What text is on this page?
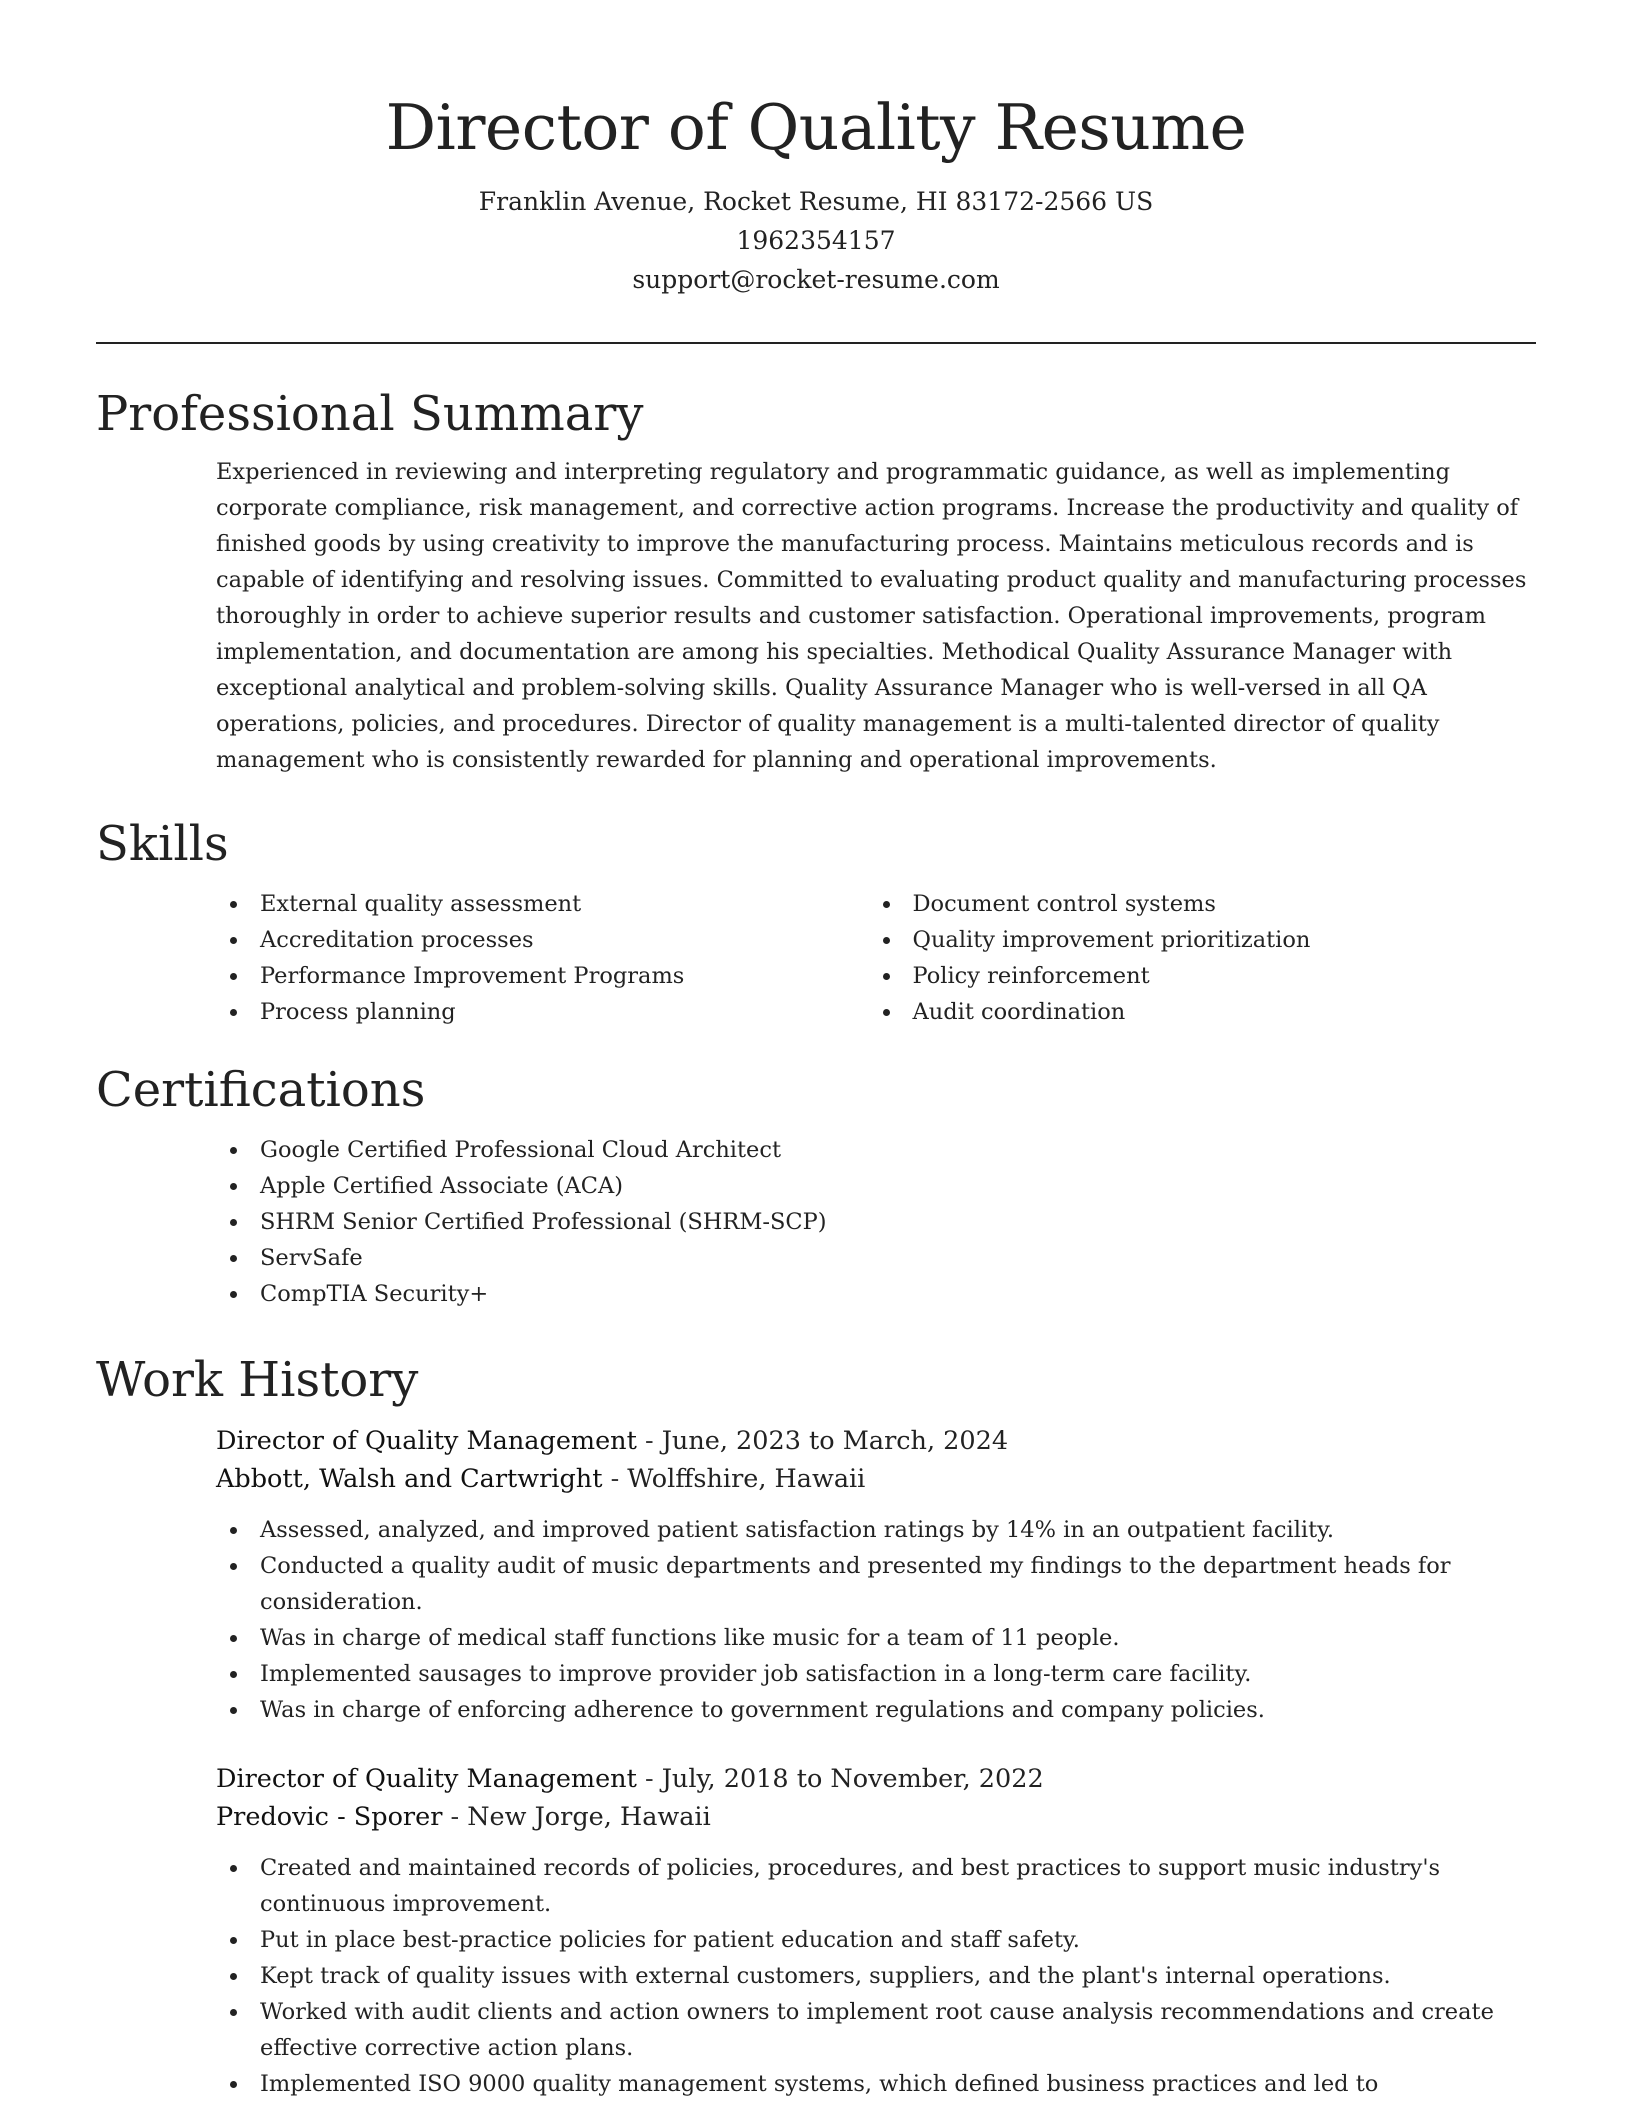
Director of Quality Resume
Franklin Avenue, Rocket Resume, HI 83172-2566 US
1962354157
support@rocket-resume.com
Professional Summary

Experienced in reviewing and interpreting regulatory and programmatic guidance, as well as implementing corporate compliance, risk management, and corrective action programs. Increase the productivity and quality of finished goods by using creativity to improve the manufacturing process. Maintains meticulous records and is capable of identifying and resolving issues. Committed to evaluating product quality and manufacturing processes thoroughly in order to achieve superior results and customer satisfaction. Operational improvements, program implementation, and documentation are among his specialties. Methodical Quality Assurance Manager with exceptional analytical and problem-solving skills. Quality Assurance Manager who is well-versed in all QA operations, policies, and procedures. Director of quality management is a multi-talented director of quality management who is consistently rewarded for planning and operational improvements.

Skills
External quality assessment
Accreditation processes
Performance Improvement Programs
Process planning
Document control systems
Quality improvement prioritization
Policy reinforcement
Audit coordination
Certifications
Google Certified Professional Cloud Architect
Apple Certified Associate (ACA)
SHRM Senior Certified Professional (SHRM-SCP)
ServSafe
CompTIA Security+
Work History
Director of Quality Management - June, 2023 to March, 2024
Abbott, Walsh and Cartwright - Wolffshire, Hawaii
Assessed, analyzed, and improved patient satisfaction ratings by 14% in an outpatient facility.
Conducted a quality audit of music departments and presented my findings to the department heads for consideration.
Was in charge of medical staff functions like music for a team of 11 people.
Implemented sausages to improve provider job satisfaction in a long-term care facility.
Was in charge of enforcing adherence to government regulations and company policies.
Director of Quality Management - July, 2018 to November, 2022
Predovic - Sporer - New Jorge, Hawaii
Created and maintained records of policies, procedures, and best practices to support music industry's continuous improvement.
Put in place best-practice policies for patient education and staff safety.
Kept track of quality issues with external customers, suppliers, and the plant's internal operations.
Worked with audit clients and action owners to implement root cause analysis recommendations and create effective corrective action plans.
Implemented ISO 9000 quality management systems, which defined business practices and led to
